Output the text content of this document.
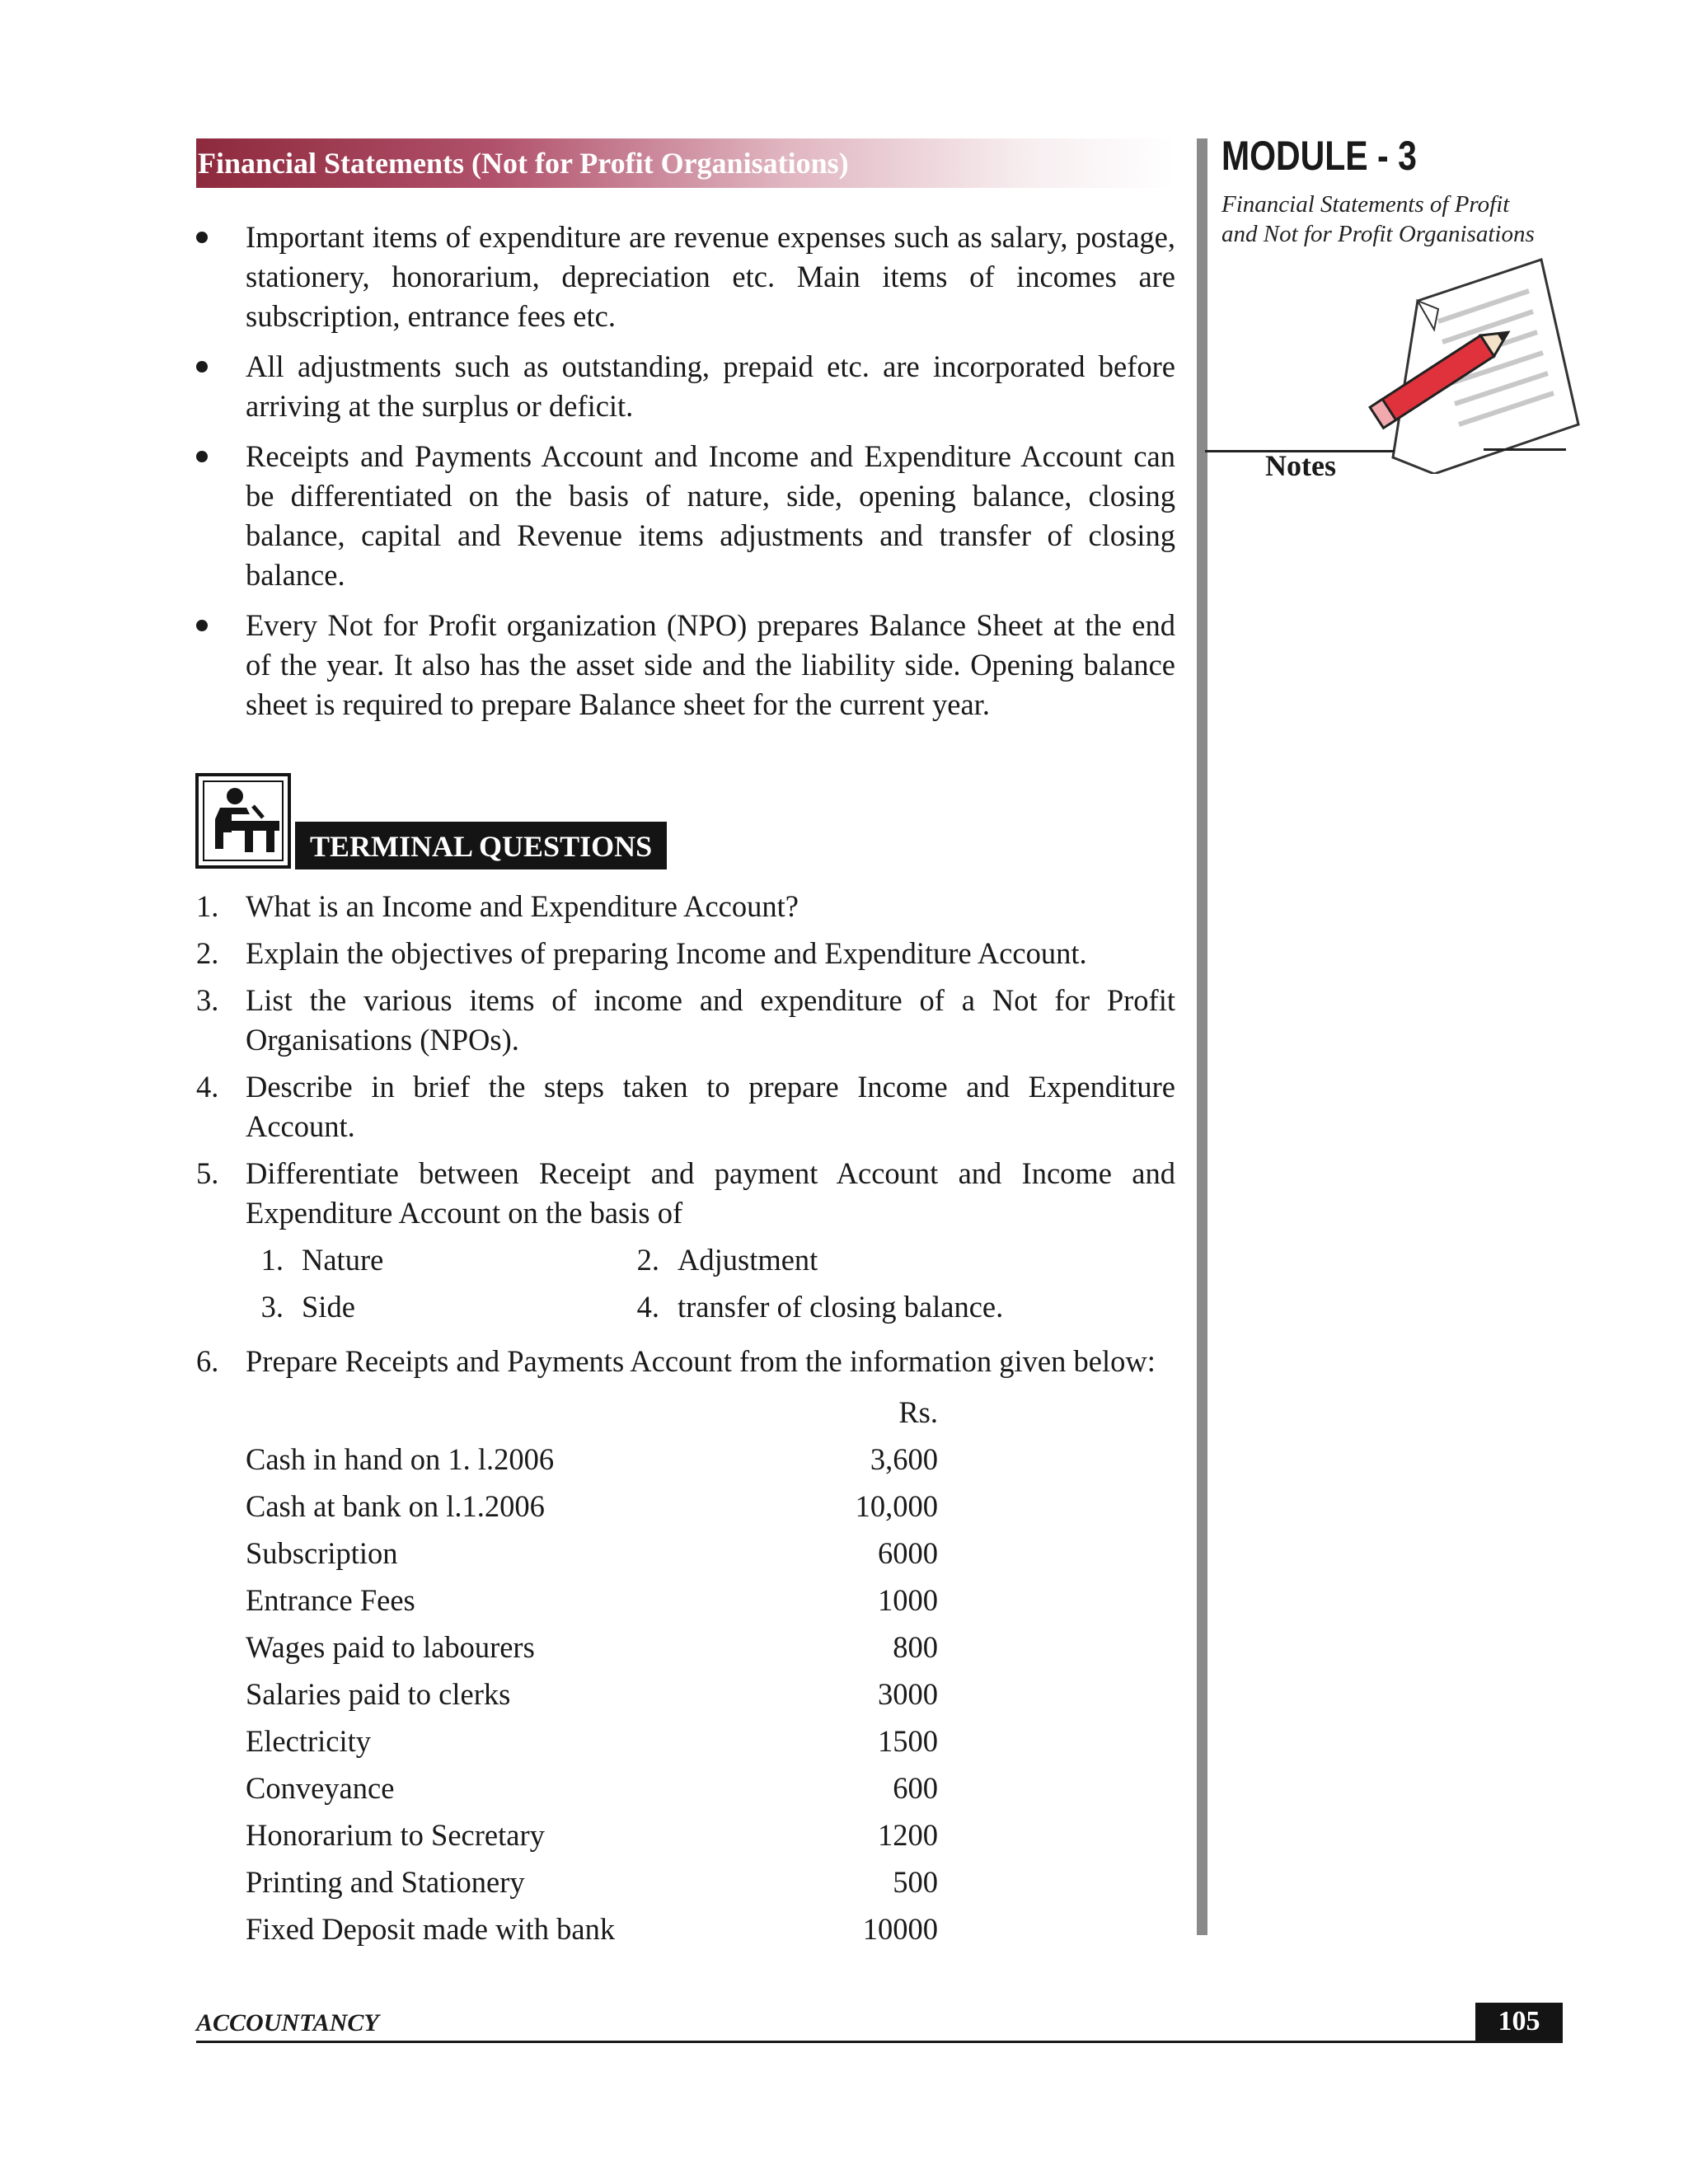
Financial Statements (Not for Profit Organisations)	MODULE - 3
Financial Statements of Profit
and Not for Profit Organisations
Notes
Important items of expenditure are revenue expenses such as salary, postage, stationery, honorarium, depreciation etc. Main items of incomes are subscription, entrance fees etc.
All adjustments such as outstanding, prepaid etc. are incorporated before arriving at the surplus or deficit.
Receipts and Payments Account and Income and Expenditure Account can be differentiated on the basis of nature, side, opening balance, closing balance, capital and Revenue items adjustments and transfer of closing balance.
Every Not for Profit organization (NPO) prepares Balance Sheet at the end of the year. It also has the asset side and the liability side. Opening balance sheet is required to prepare Balance sheet for the current year.
TERMINAL QUESTIONS
1. What is an Income and Expenditure Account?
2. Explain the objectives of preparing Income and Expenditure Account.
3. List the various items of income and expenditure of a Not for Profit Organisations (NPOs).
4. Describe in brief the steps taken to prepare Income and Expenditure Account.
5. Differentiate between Receipt and payment Account and Income and Expenditure Account on the basis of
1. Nature	2. Adjustment
3. Side	4. transfer of closing balance.
6. Prepare Receipts and Payments Account from the information given below:
	Rs.
Cash in hand on 1. l.2006	3,600
Cash at bank on l.1.2006	10,000
Subscription	6000
Entrance Fees	1000
Wages paid to labourers	800
Salaries paid to clerks	3000
Electricity	1500
Conveyance	600
Honorarium to Secretary	1200
Printing and Stationery	500
Fixed Deposit made with bank	10000
ACCOUNTANCY	105
